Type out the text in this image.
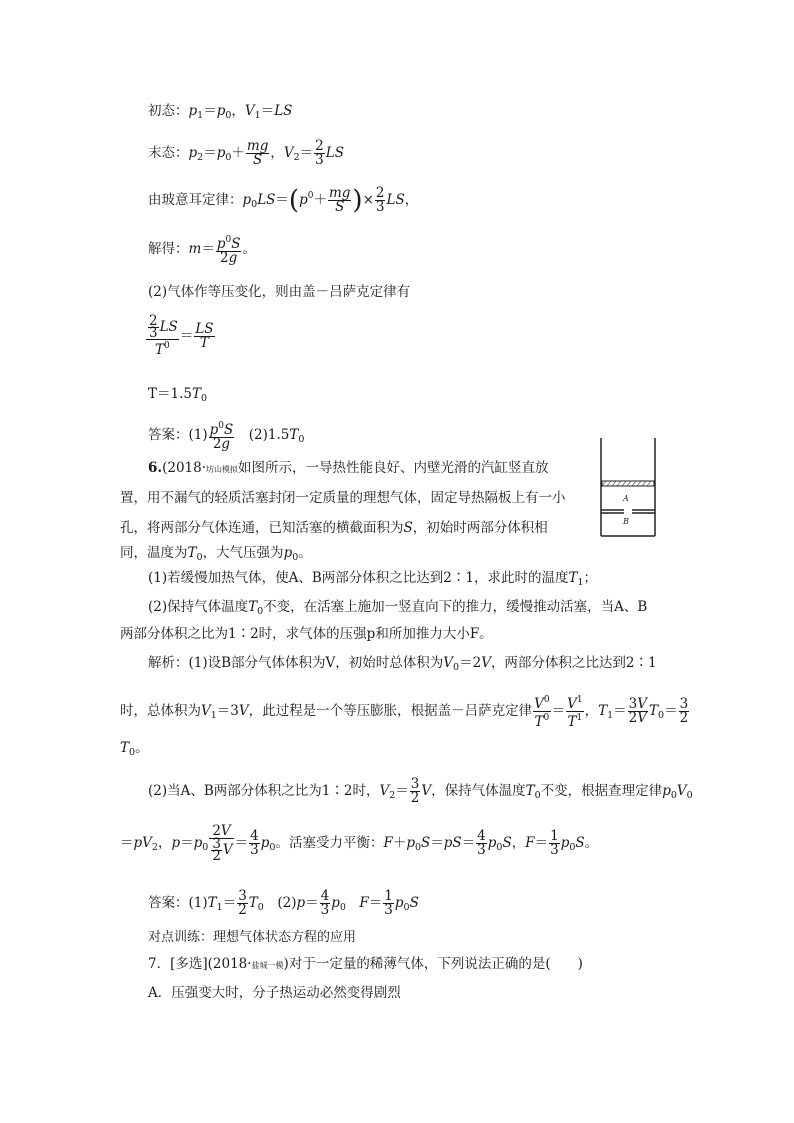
初态：$p_1=p_0$，$V_1=LS$
末态：$p_2=p_0+ \frac{mg}{S}$ ，$V_2= \frac{2}{3}$ LS
由玻意耳定律：$p_0LS=(p^0+ \frac{mg}{S}$ )× $\frac{2}{3}$ LS，
解得：$m= \frac{p^0S}{2g}$ 。
(2)气体作等压变化，则由盖－吕萨克定律有
$\frac{\frac{2}{3} LS}{T^0} = \frac{LS}{T}$
$T=1.5T_0$
答案：$(1) \frac{p^0S}{2g}$
　 $(2)1.5T_0$
6.(2018·坊山模拟如图所示，一导热性能良好、内壁光滑的汽缸竖直放
置，用不漏气的轻质活塞封闭一定质量的理想气体，固定导热隔板上有一小
孔，将两部分气体连通，已知活塞的横截面积为S，初始时两部分体积相
同，温度为$T_0$，大气压强为$p_0$。
A
B
(1)若缓慢加热气体，使A、B两部分体积之比达到2∶1，求此时的温度$T_1$；
(2)保持气体温度$T_0$不变，在活塞上施加一竖直向下的推力，缓慢推动活塞，当A、B
两部分体积之比为1∶2时，求气体的压强p和所加推力大小F。
解析：(1)设B部分气体体积为V，初始时总体积为$V_0=2V$，两部分体积之比达到2∶1
时，总体积为$V_1=3V$，此过程是一个等压膨胀，根据盖－吕萨克定律 $\frac{V^0}{T^0} = \frac{V^1}{T^1}$ ，$T_1= \frac{3V}{2V} T_0= \frac{3}{2}$
$T_0$。
(2)当A、B两部分体积之比为1∶2时，$V_2= \frac{3}{2}$ V，保持气体温度$T_0$不变，根据查理定律$p_0V_0$
$=pV_2$，$p=p_0 \frac{2V}{\frac{3}{2} V} = \frac{4}{3} p_0$。活塞受力平衡：$F+p_0S=pS= \frac{4}{3} p_0S$，$F= \frac{1}{3} p_0S$。
答案：$(1)T_1= \frac{3}{2} T_0$　 $(2)p= \frac{4}{3} p_0$　 $F= \frac{1}{3} p_0S$
对点训练：理想气体状态方程的应用
7．[多选](2018·盐城一模)对于一定量的稀薄气体，下列说法正确的是(　　)
A．压强变大时，分子热运动必然变得剧烈
